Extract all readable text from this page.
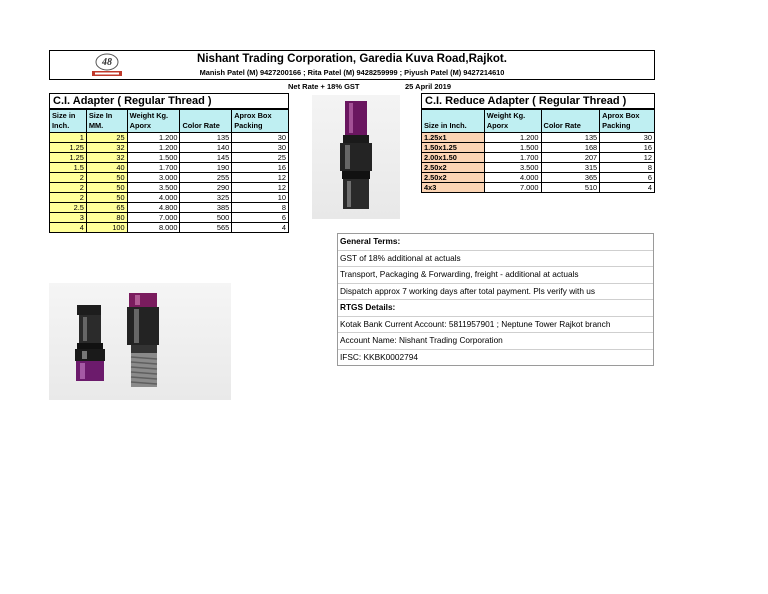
48	Nishant Trading Corporation, Garedia Kuva Road,Rajkot.
Manish Patel (M) 9427200166 ; Rita Patel (M) 9428259999 ; Piyush Patel (M) 9427214610
Net Rate + 18% GST	25 April 2019
C.I. Adapter ( Regular Thread )
Size in Inch.	Size In MM.	Weight Kg. Aporx	Color Rate	Aprox Box Packing
1	25	1.200	135	30
1.25	32	1.200	140	30
1.25	32	1.500	145	25
1.5	40	1.700	190	16
2	50	3.000	255	12
2	50	3.500	290	12
2	50	4.000	325	10
2.5	65	4.800	385	8
3	80	7.000	500	6
4	100	8.000	565	4
C.I. Reduce Adapter ( Regular Thread )
Size in Inch.	Weight Kg. Aporx	Color Rate	Aprox Box Packing
1.25x1	1.200	135	30
1.50x1.25	1.500	168	16
2.00x1.50	1.700	207	12
2.50x2	3.500	315	8
2.50x2	4.000	365	6
4x3	7.000	510	4
General Terms:
GST of 18% additional at actuals
Transport, Packaging & Forwarding, freight - additional at actuals
Dispatch approx 7 working days after total payment. Pls verify with us
RTGS Details:
Kotak Bank Current Account: 5811957901 ; Neptune Tower Rajkot branch
Account Name: Nishant Trading Corporation
IFSC: KKBK0002794
